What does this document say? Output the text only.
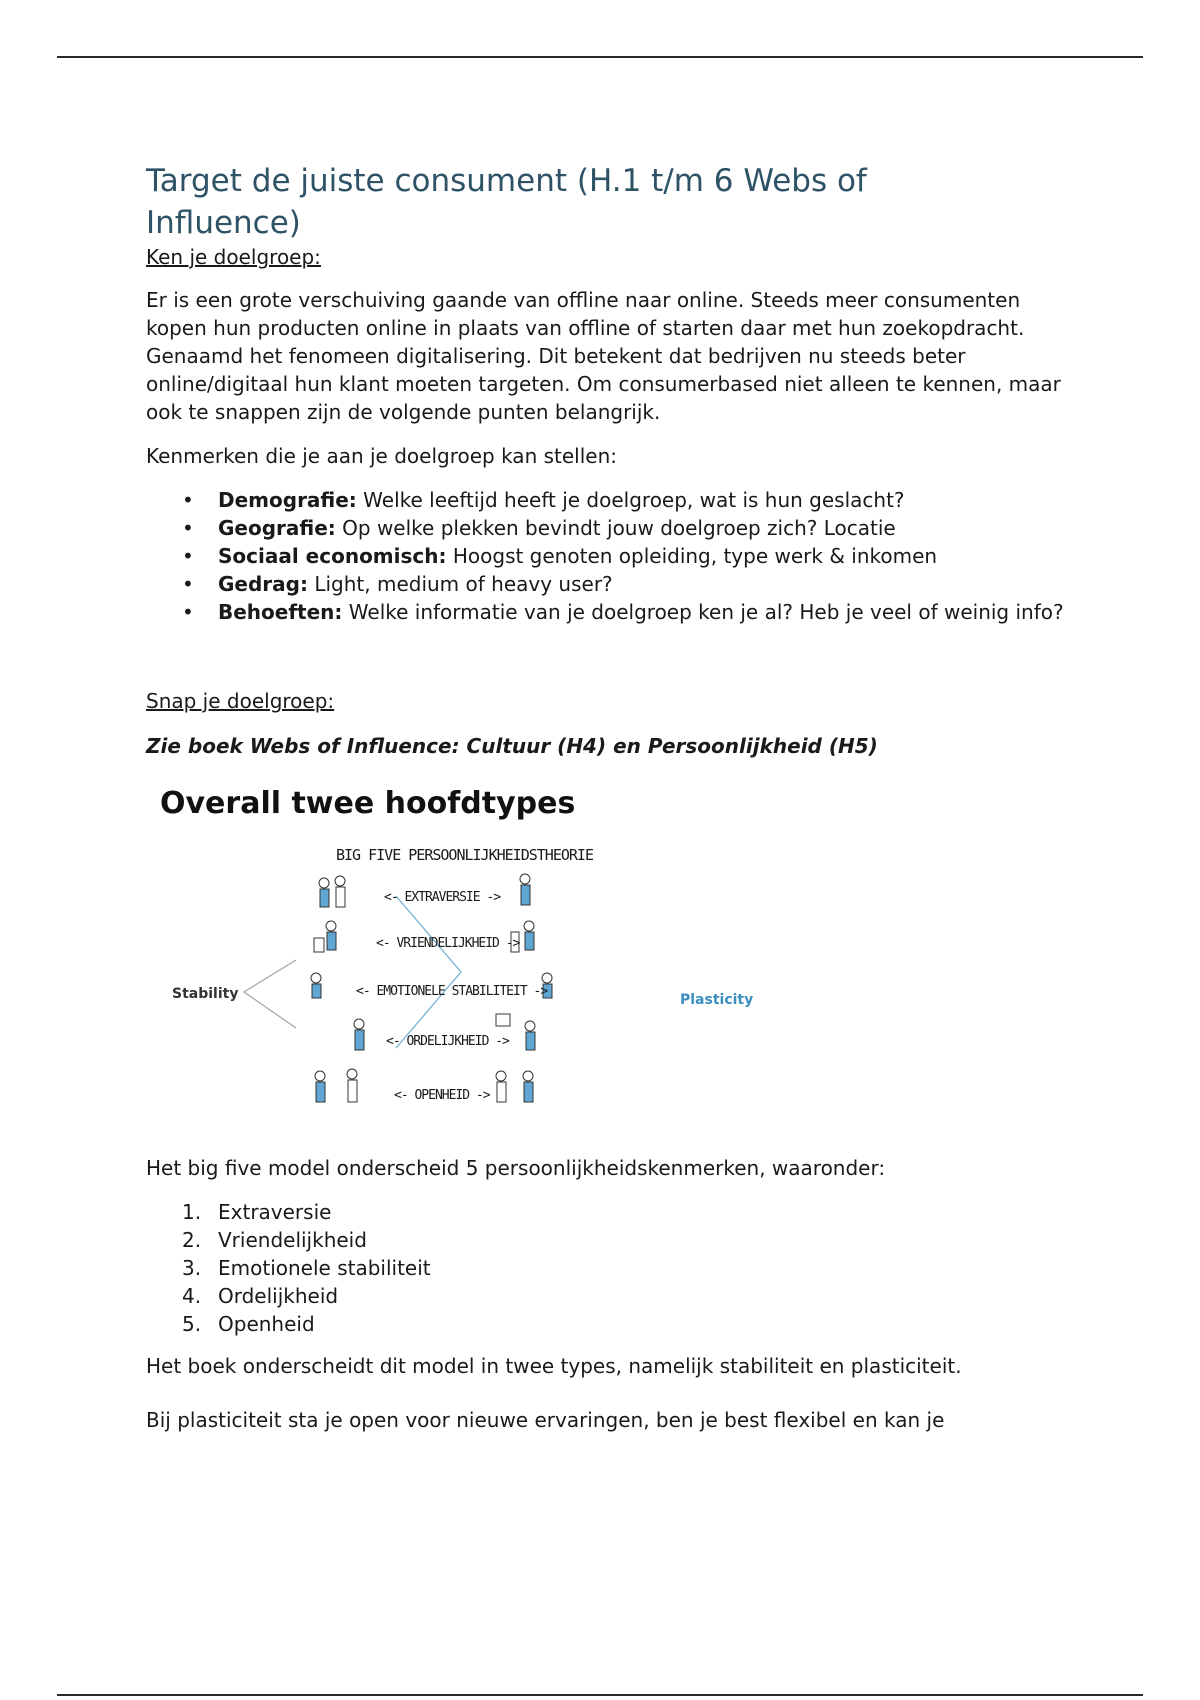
Target de juiste consument (H.1 t/m 6 Webs of Influence)
Ken je doelgroep:

Er is een grote verschuiving gaande van offline naar online. Steeds meer consumenten kopen hun producten online in plaats van offline of starten daar met hun zoekopdracht. Genaamd het fenomeen digitalisering. Dit betekent dat bedrijven nu steeds beter online/digitaal hun klant moeten targeten. Om consumerbased niet alleen te kennen, maar ook te snappen zijn de volgende punten belangrijk.

Kenmerken die je aan je doelgroep kan stellen:

• Demografie: Welke leeftijd heeft je doelgroep, wat is hun geslacht?
• Geografie: Op welke plekken bevindt jouw doelgroep zich? Locatie
• Sociaal economisch: Hoogst genoten opleiding, type werk & inkomen
• Gedrag: Light, medium of heavy user?
• Behoeften: Welke informatie van je doelgroep ken je al? Heb je veel of weinig info?
Snap je doelgroep:
Zie boek Webs of Influence: Cultuur (H4) en Persoonlijkheid (H5)
Overall twee hoofdtypes
BIG FIVE PERSOONLIJKHEIDSTHEORIE
<- EXTRAVERSIE ->
<- VRIENDELIJKHEID ->
<- EMOTIONELE STABILITEIT ->
<- ORDELIJKHEID ->
<- OPENHEID ->
Stability	Plasticity

Het big five model onderscheid 5 persoonlijkheidskenmerken, waaronder:

1. Extraversie
2. Vriendelijkheid
3. Emotionele stabiliteit
4. Ordelijkheid
5. Openheid

Het boek onderscheidt dit model in twee types, namelijk stabiliteit en plasticiteit.

Bij plasticiteit sta je open voor nieuwe ervaringen, ben je best flexibel en kan je
